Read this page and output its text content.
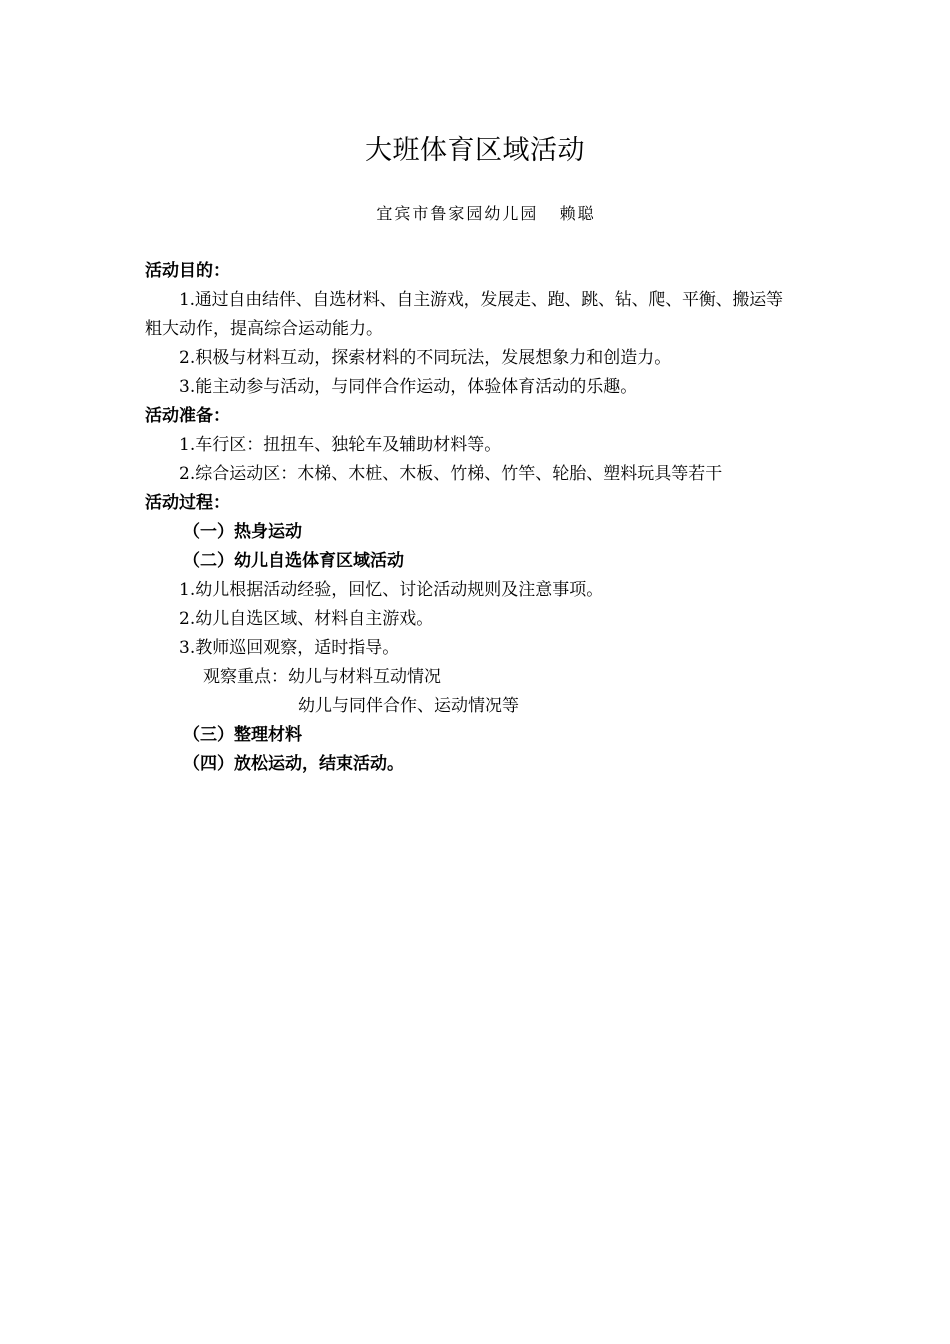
大班体育区域活动
宜宾市鲁家园幼儿园   赖聪
活动目的：
1.通过自由结伴、自选材料、自主游戏，发展走、跑、跳、钻、爬、平衡、搬运等
粗大动作，提高综合运动能力。
2.积极与材料互动，探索材料的不同玩法，发展想象力和创造力。
3.能主动参与活动，与同伴合作运动，体验体育活动的乐趣。
活动准备：
1.车行区：扭扭车、独轮车及辅助材料等。
2.综合运动区：木梯、木桩、木板、竹梯、竹竿、轮胎、塑料玩具等若干
活动过程：
（一）热身运动
（二）幼儿自选体育区域活动
1.幼儿根据活动经验，回忆、讨论活动规则及注意事项。
2.幼儿自选区域、材料自主游戏。
3.教师巡回观察，适时指导。
观察重点：幼儿与材料互动情况
幼儿与同伴合作、运动情况等
（三）整理材料
（四）放松运动，结束活动。
